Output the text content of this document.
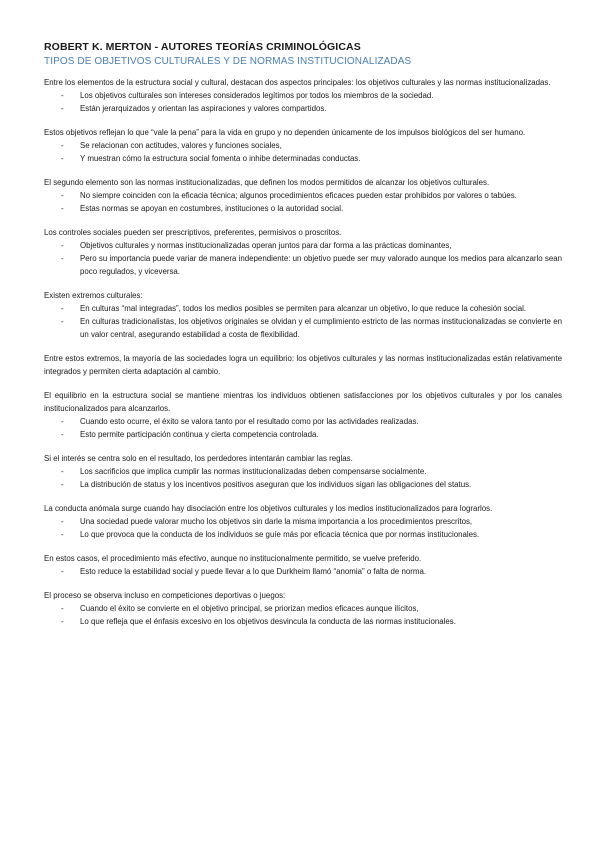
ROBERT K. MERTON - AUTORES TEORÍAS CRIMINOLÓGICAS
TIPOS DE OBJETIVOS CULTURALES Y DE NORMAS INSTITUCIONALIZADAS

Entre los elementos de la estructura social y cultural, destacan dos aspectos principales: los objetivos culturales y las normas institucionalizadas.

- Los objetivos culturales son intereses considerados legítimos por todos los miembros de la sociedad.
- Están jerarquizados y orientan las aspiraciones y valores compartidos.

Estos objetivos reflejan lo que “vale la pena” para la vida en grupo y no dependen únicamente de los impulsos biológicos del ser humano.

- Se relacionan con actitudes, valores y funciones sociales,
- Y muestran cómo la estructura social fomenta o inhibe determinadas conductas.

El segundo elemento son las normas institucionalizadas, que definen los modos permitidos de alcanzar los objetivos culturales.

- No siempre coinciden con la eficacia técnica; algunos procedimientos eficaces pueden estar prohibidos por valores o tabúes.
- Estas normas se apoyan en costumbres, instituciones o la autoridad social.

Los controles sociales pueden ser prescriptivos, preferentes, permisivos o proscritos.

- Objetivos culturales y normas institucionalizadas operan juntos para dar forma a las prácticas dominantes,
- Pero su importancia puede variar de manera independiente: un objetivo puede ser muy valorado aunque los medios para alcanzarlo sean poco regulados, y viceversa.

Existen extremos culturales:

- En culturas “mal integradas”, todos los medios posibles se permiten para alcanzar un objetivo, lo que reduce la cohesión social.
- En culturas tradicionalistas, los objetivos originales se olvidan y el cumplimiento estricto de las normas institucionalizadas se convierte en un valor central, asegurando estabilidad a costa de flexibilidad.

Entre estos extremos, la mayoría de las sociedades logra un equilibrio: los objetivos culturales y las normas institucionalizadas están relativamente integrados y permiten cierta adaptación al cambio.

El equilibrio en la estructura social se mantiene mientras los individuos obtienen satisfacciones por los objetivos culturales y por los canales institucionalizados para alcanzarlos.

- Cuando esto ocurre, el éxito se valora tanto por el resultado como por las actividades realizadas.
- Esto permite participación continua y cierta competencia controlada.

Si el interés se centra solo en el resultado, los perdedores intentarán cambiar las reglas.

- Los sacrificios que implica cumplir las normas institucionalizadas deben compensarse socialmente.
- La distribución de status y los incentivos positivos aseguran que los individuos sigan las obligaciones del status.

La conducta anómala surge cuando hay disociación entre los objetivos culturales y los medios institucionalizados para lograrlos.

- Una sociedad puede valorar mucho los objetivos sin darle la misma importancia a los procedimientos prescritos,
- Lo que provoca que la conducta de los individuos se guíe más por eficacia técnica que por normas institucionales.

En estos casos, el procedimiento más efectivo, aunque no institucionalmente permitido, se vuelve preferido.

- Esto reduce la estabilidad social y puede llevar a lo que Durkheim llamó “anomia” o falta de norma.

El proceso se observa incluso en competiciones deportivas o juegos:

- Cuando el éxito se convierte en el objetivo principal, se priorizan medios eficaces aunque ilícitos,
- Lo que refleja que el énfasis excesivo en los objetivos desvincula la conducta de las normas institucionales.
